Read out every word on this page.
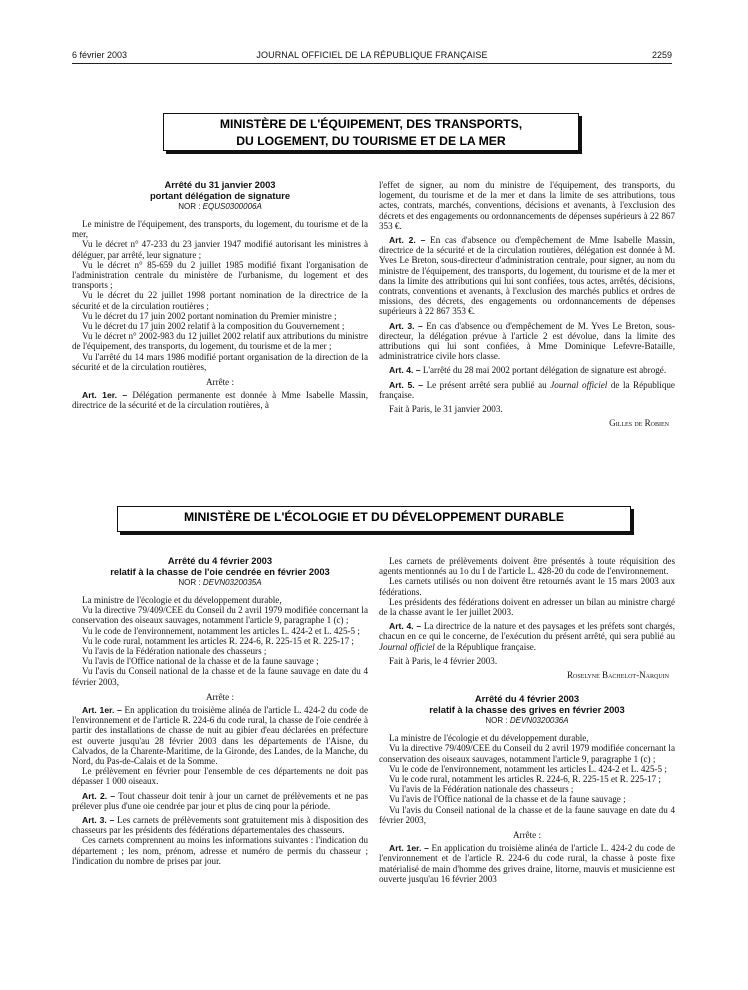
6 février 2003	JOURNAL OFFICIEL DE LA RÉPUBLIQUE FRANÇAISE	2259
MINISTÈRE DE L'ÉQUIPEMENT, DES TRANSPORTS,
DU LOGEMENT, DU TOURISME ET DE LA MER
Arrêté du 31 janvier 2003
portant délégation de signature
NOR : EQUS0300006A

Le ministre de l'équipement, des transports, du logement, du tourisme et de la mer,

Vu le décret n° 47-233 du 23 janvier 1947 modifié autorisant les ministres à déléguer, par arrêté, leur signature ;

Vu le décret n° 85-659 du 2 juillet 1985 modifié fixant l'organisation de l'administration centrale du ministère de l'urbanisme, du logement et des transports ;

Vu le décret du 22 juillet 1998 portant nomination de la directrice de la sécurité et de la circulation routières ;

Vu le décret du 17 juin 2002 portant nomination du Premier ministre ;

Vu le décret du 17 juin 2002 relatif à la composition du Gouvernement ;

Vu le décret n° 2002-983 du 12 juillet 2002 relatif aux attributions du ministre de l'équipement, des transports, du logement, du tourisme et de la mer ;

Vu l'arrêté du 14 mars 1986 modifié portant organisation de la direction de la sécurité et de la circulation routières,

Arrête :

Art. 1er. – Délégation permanente est donnée à Mme Isabelle Massin, directrice de la sécurité et de la circulation routières, à

l'effet de signer, au nom du ministre de l'équipement, des transports, du logement, du tourisme et de la mer et dans la limite de ses attributions, tous actes, contrats, marchés, conventions, décisions et avenants, à l'exclusion des décrets et des engagements ou ordonnancements de dépenses supérieurs à 22 867 353 €.

Art. 2. – En cas d'absence ou d'empêchement de Mme Isabelle Massin, directrice de la sécurité et de la circulation routières, délégation est donnée à M. Yves Le Breton, sous-directeur d'administration centrale, pour signer, au nom du ministre de l'équipement, des transports, du logement, du tourisme et de la mer et dans la limite des attributions qui lui sont confiées, tous actes, arrêtés, décisions, contrats, conventions et avenants, à l'exclusion des marchés publics et ordres de missions, des décrets, des engagements ou ordonnancements de dépenses supérieurs à 22 867 353 €.

Art. 3. – En cas d'absence ou d'empêchement de M. Yves Le Breton, sous-directeur, la délégation prévue à l'article 2 est dévolue, dans la limite des attributions qui lui sont confiées, à Mme Dominique Lefevre-Bataille, administratrice civile hors classe.

Art. 4. – L'arrêté du 28 mai 2002 portant délégation de signature est abrogé.

Art. 5. – Le présent arrêté sera publié au Journal officiel de la République française.

Fait à Paris, le 31 janvier 2003.

Gilles de Robien
MINISTÈRE DE L'ÉCOLOGIE ET DU DÉVELOPPEMENT DURABLE
Arrêté du 4 février 2003
relatif à la chasse de l'oie cendrée en février 2003
NOR : DEVN0320035A

La ministre de l'écologie et du développement durable,

Vu la directive 79/409/CEE du Conseil du 2 avril 1979 modifiée concernant la conservation des oiseaux sauvages, notamment l'article 9, paragraphe 1 (c) ;

Vu le code de l'environnement, notamment les articles L. 424-2 et L. 425-5 ;

Vu le code rural, notamment les articles R. 224-6, R. 225-15 et R. 225-17 ;

Vu l'avis de la Fédération nationale des chasseurs ;

Vu l'avis de l'Office national de la chasse et de la faune sauvage ;

Vu l'avis du Conseil national de la chasse et de la faune sauvage en date du 4 février 2003,

Arrête :

Art. 1er. – En application du troisième alinéa de l'article L. 424-2 du code de l'environnement et de l'article R. 224-6 du code rural, la chasse de l'oie cendrée à partir des installations de chasse de nuit au gibier d'eau déclarées en préfecture est ouverte jusqu'au 28 février 2003 dans les départements de l'Aisne, du Calvados, de la Charente-Maritime, de la Gironde, des Landes, de la Manche, du Nord, du Pas-de-Calais et de la Somme.

Le prélèvement en février pour l'ensemble de ces départements ne doit pas dépasser 1 000 oiseaux.

Art. 2. – Tout chasseur doit tenir à jour un carnet de prélèvements et ne pas prélever plus d'une oie cendrée par jour et plus de cinq pour la période.

Art. 3. – Les carnets de prélèvements sont gratuitement mis à disposition des chasseurs par les présidents des fédérations départementales des chasseurs.

Ces carnets comprennent au moins les informations suivantes : l'indication du département ; les nom, prénom, adresse et numéro de permis du chasseur ; l'indication du nombre de prises par jour.

Les carnets de prélèvements doivent être présentés à toute réquisition des agents mentionnés au 1o du I de l'article L. 428-20 du code de l'environnement.

Les carnets utilisés ou non doivent être retournés avant le 15 mars 2003 aux fédérations.

Les présidents des fédérations doivent en adresser un bilan au ministre chargé de la chasse avant le 1er juillet 2003.

Art. 4. – La directrice de la nature et des paysages et les préfets sont chargés, chacun en ce qui le concerne, de l'exécution du présent arrêté, qui sera publié au Journal officiel de la République française.

Fait à Paris, le 4 février 2003.

Roselyne Bachelot-Narquin
Arrêté du 4 février 2003
relatif à la chasse des grives en février 2003
NOR : DEVN0320036A

La ministre de l'écologie et du développement durable,

Vu la directive 79/409/CEE du Conseil du 2 avril 1979 modifiée concernant la conservation des oiseaux sauvages, notamment l'article 9, paragraphe 1 (c) ;

Vu le code de l'environnement, notamment les articles L. 424-2 et L. 425-5 ;

Vu le code rural, notamment les articles R. 224-6, R. 225-15 et R. 225-17 ;

Vu l'avis de la Fédération nationale des chasseurs ;

Vu l'avis de l'Office national de la chasse et de la faune sauvage ;

Vu l'avis du Conseil national de la chasse et de la faune sauvage en date du 4 février 2003,

Arrête :

Art. 1er. – En application du troisième alinéa de l'article L. 424-2 du code de l'environnement et de l'article R. 224-6 du code rural, la chasse à poste fixe matérialisé de main d'homme des grives draine, litorne, mauvis et musicienne est ouverte jusqu'au 16 février 2003
